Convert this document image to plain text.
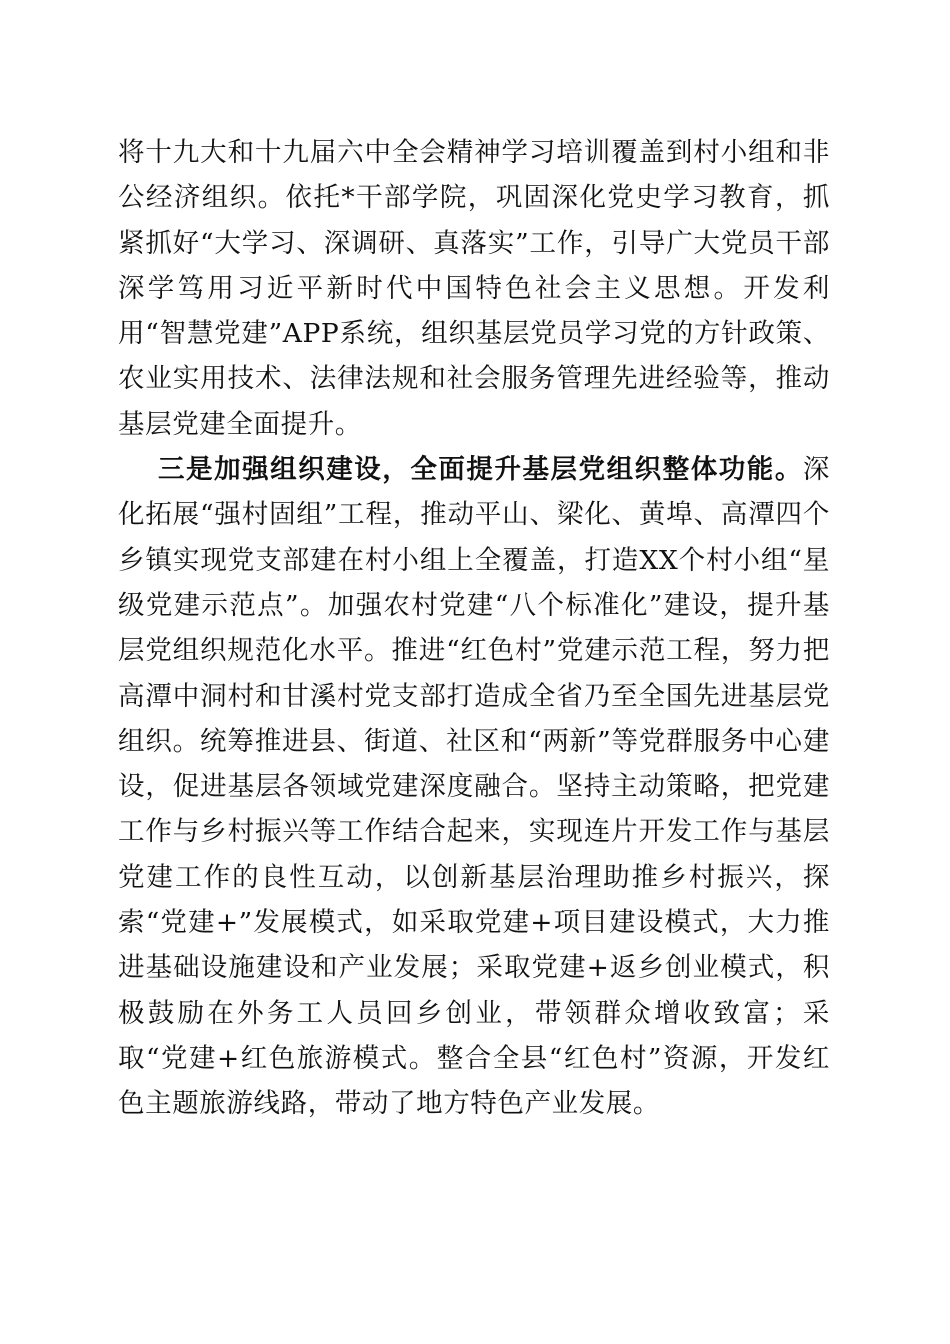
将十九大和十九届六中全会精神学习培训覆盖到村小组和非公经济组织。依托*干部学院，巩固深化党史学习教育，抓紧抓好“大学习、深调研、真落实”工作，引导广大党员干部深学笃用习近平新时代中国特色社会主义思想。开发利用“智慧党建”APP系统，组织基层党员学习党的方针政策、农业实用技术、法律法规和社会服务管理先进经验等，推动基层党建全面提升。

三是加强组织建设，全面提升基层党组织整体功能。深化拓展“强村固组”工程，推动平山、梁化、黄埠、高潭四个乡镇实现党支部建在村小组上全覆盖，打造XX个村小组“星级党建示范点”。加强农村党建“八个标准化”建设，提升基层党组织规范化水平。推进“红色村”党建示范工程，努力把高潭中洞村和甘溪村党支部打造成全省乃至全国先进基层党组织。统筹推进县、街道、社区和“两新”等党群服务中心建设，促进基层各领域党建深度融合。坚持主动策略，把党建工作与乡村振兴等工作结合起来，实现连片开发工作与基层党建工作的良性互动，以创新基层治理助推乡村振兴，探索“党建+”发展模式，如采取党建+项目建设模式，大力推进基础设施建设和产业发展；采取党建+返乡创业模式，积极鼓励在外务工人员回乡创业，带领群众增收致富；采取“党建+红色旅游模式。整合全县“红色村”资源，开发红色主题旅游线路，带动了地方特色产业发展。
